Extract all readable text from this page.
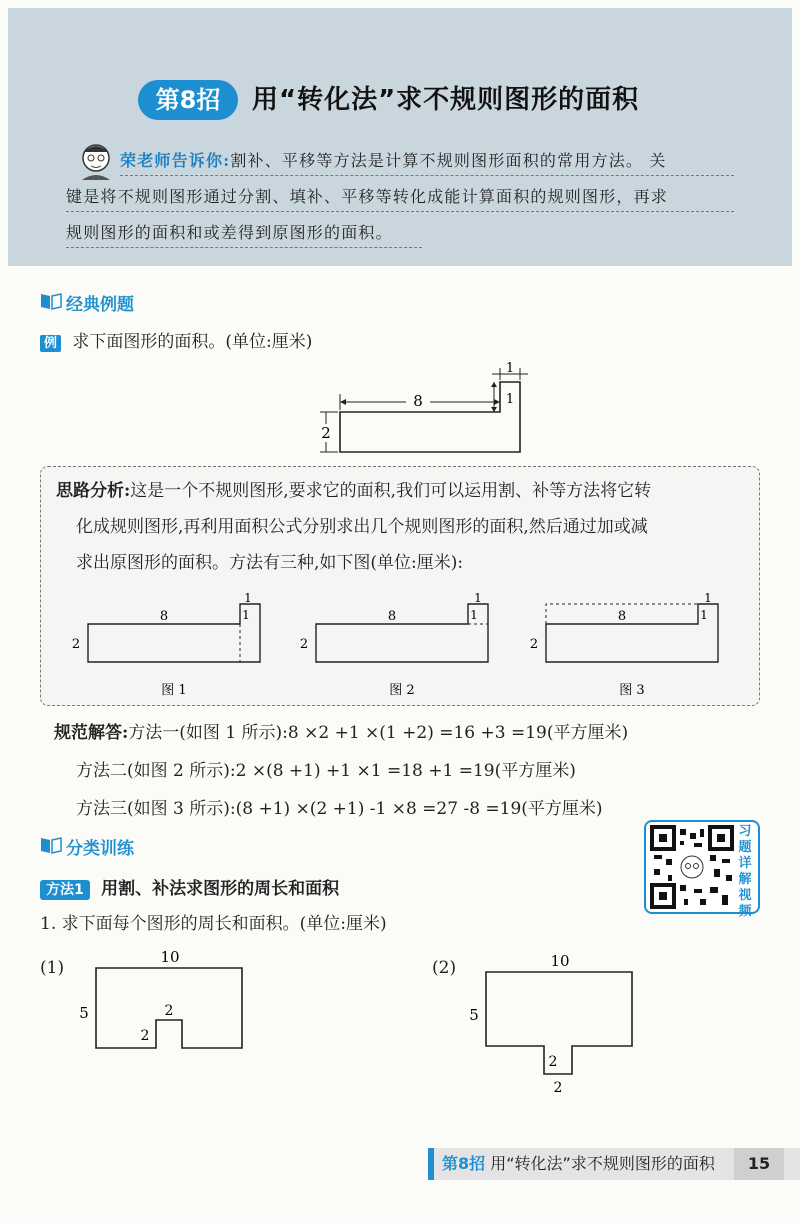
第8招	用“转化法”求不规则图形的面积
荣老师告诉你:割补、平移等方法是计算不规则图形面积的常用方法。 关
键是将不规则图形通过分割、填补、平移等转化成能计算面积的规则图形，再求
规则图形的面积和或差得到原图形的面积。
经典例题
例 求下面图形的面积。(单位:厘米)
8
2
1
1
思路分析:这是一个不规则图形,要求它的面积,我们可以运用割、补等方法将它转
化成规则图形,再利用面积公式分别求出几个规则图形的面积,然后通过加或减
求出原图形的面积。方法有三种,如下图(单位:厘米):
8
2
1
1
图 1
8
2
1
1
图 2
8
2
1
1
图 3
规范解答:方法一(如图 1 所示):8 ×2 +1 ×(1 +2) =16 +3 =19(平方厘米)
方法二(如图 2 所示):2 ×(8 +1) +1 ×1 =18 +1 =19(平方厘米)
方法三(如图 3 所示):(8 +1) ×(2 +1) -1 ×8 =27 -8 =19(平方厘米)
分类训练
习
题
详
解
视
频
方法1 用割、补法求图形的周长和面积
1. 求下面每个图形的周长和面积。(单位:厘米)
(1)
10
5	2
2
(2)	10
5
2
2
第8招 用“转化法”求不规则图形的面积	15
